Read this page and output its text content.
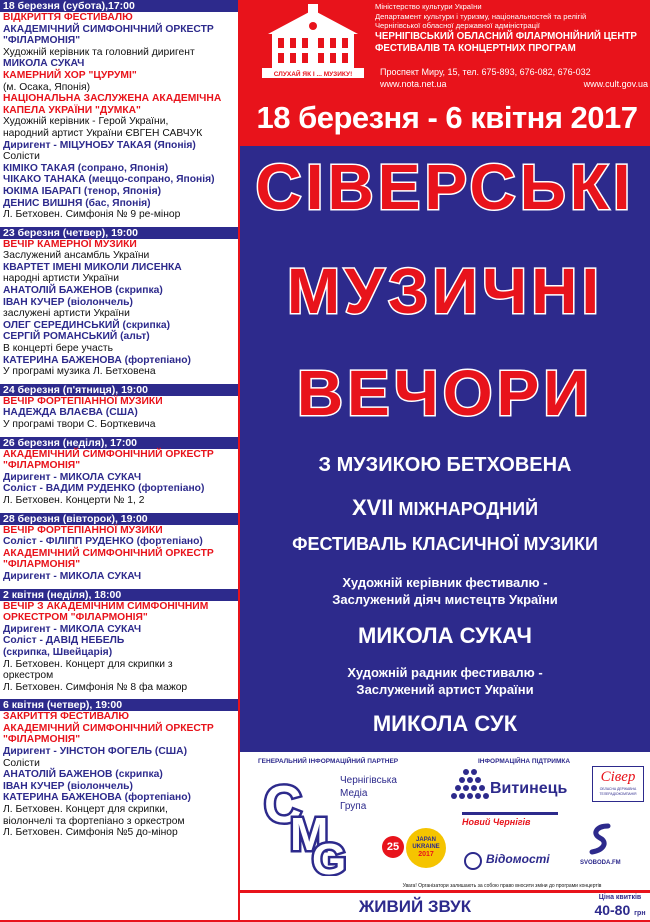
18 березня (субота),17:00
ВІДКРИТТЯ ФЕСТИВАЛЮ
АКАДЕМІЧНИЙ СИМФОНІЧНИЙ ОРКЕСТР
"ФІЛАРМОНІЯ"
Художній керівник та головний диригент
МИКОЛА СУКАЧ
КАМЕРНИЙ ХОР "ЦУРУМІ"
(м. Осака, Японія)
НАЦІОНАЛЬНА ЗАСЛУЖЕНА АКАДЕМІЧНА
КАПЕЛА УКРАЇНИ "ДУМКА"
Художній керівник - Герой України,
народний артист України ЄВГЕН САВЧУК
Диригент - МІЦУНОБУ ТАКАЯ (Японія)
Солісти
КІМІКО ТАКАЯ (сопрано, Японія)
ЧІКАКО ТАНАКА (меццо-сопрано, Японія)
ЮКІМА ІБАРАГІ (тенор, Японія)
ДЕНИС ВИШНЯ (бас, Японія)
Л. Бетховен. Симфонія № 9 ре-мінор
23 березня (четвер), 19:00
ВЕЧІР КАМЕРНОЇ МУЗИКИ
Заслужений ансамбль України
КВАРТЕТ ІМЕНІ МИКОЛИ ЛИСЕНКА
народні артисти України
АНАТОЛІЙ БАЖЕНОВ (скрипка)
ІВАН КУЧЕР (віолончель)
заслужені артисти України
ОЛЕГ СЕРЕДИНСЬКИЙ (скрипка)
СЕРГІЙ РОМАНСЬКИЙ (альт)
В концерті бере участь
КАТЕРИНА БАЖЕНОВА (фортепіано)
У програмі музика Л. Бетховена
24 березня (п'ятниця), 19:00
ВЕЧІР ФОРТЕПІАННОЇ МУЗИКИ
НАДЕЖДА ВЛАЄВА (США)
У програмі твори С. Борткевича
26 березня (неділя), 17:00
АКАДЕМІЧНИЙ СИМФОНІЧНИЙ ОРКЕСТР
"ФІЛАРМОНІЯ"
Диригент - МИКОЛА СУКАЧ
Соліст - ВАДИМ РУДЕНКО (фортепіано)
Л. Бетховен. Концерти № 1, 2
28 березня (вівторок), 19:00
ВЕЧІР ФОРТЕПІАННОЇ МУЗИКИ
Соліст - ФІЛІПП РУДЕНКО (фортепіано)
АКАДЕМІЧНИЙ СИМФОНІЧНИЙ ОРКЕСТР
"ФІЛАРМОНІЯ"
Диригент - МИКОЛА СУКАЧ
2 квітня (неділя), 18:00
ВЕЧІР З АКАДЕМІЧНИМ СИМФОНІЧНИМ
ОРКЕСТРОМ "ФІЛАРМОНІЯ"
Диригент - МИКОЛА СУКАЧ
Соліст - ДАВІД НЕБЕЛЬ
(скрипка, Швейцарія)
Л. Бетховен. Концерт для скрипки з
оркестром
Л. Бетховен. Симфонія № 8 фа мажор
6 квітня (четвер), 19:00
ЗАКРИТТЯ ФЕСТИВАЛЮ
АКАДЕМІЧНИЙ СИМФОНІЧНИЙ ОРКЕСТР
"ФІЛАРМОНІЯ"
Диригент - УІНСТОН ФОГЕЛЬ (США)
Солісти
АНАТОЛІЙ БАЖЕНОВ (скрипка)
ІВАН КУЧЕР (віолончель)
КАТЕРИНА БАЖЕНОВА (фортепіано)
Л. Бетховен. Концерт для скрипки,
віолончелі та фортепіано з оркестром
Л. Бетховен. Симфонія №5 до-мінор
СЛУХАЙ ЯК І ... МУЗИКУ!
Міністерство культури України
Департамент культури і туризму, національностей та релігій
Чернігівської обласної державної адміністрації
ЧЕРНІГІВСЬКИЙ ОБЛАСНИЙ ФІЛАРМОНІЙНИЙ ЦЕНТР
ФЕСТИВАЛІВ ТА КОНЦЕРТНИХ ПРОГРАМ
Проспект Миру, 15, тел. 675-893, 676-082, 676-032
www.nota.net.ua	www.cult.gov.ua
18 березня - 6 квітня 2017
СІВЕРСЬКІ
МУЗИЧНІ
ВЕЧОРИ
З МУЗИКОЮ БЕТХОВЕНА
XVII МІЖНАРОДНИЙ
ФЕСТИВАЛЬ КЛАСИЧНОЇ МУЗИКИ
Художній керівник фестивалю -
Заслужений діяч мистецтв України
МИКОЛА СУКАЧ
Художній радник фестивалю -
Заслужений артист України
МИКОЛА СУК
ГЕНЕРАЛЬНИЙ ІНФОРМАЦІЙНИЙ ПАРТНЕР	ІНФОРМАЦІЙНА ПІДТРИМКА
C
M
G
Чернігівська
Медіа
Група
Витинець
Сівер
ОБЛАСНА ДЕРЖАВНА ТЕЛЕРАДІОКОМПАНІЯ
25
JAPAN
UKRAINE
2017
Новий Чернігів
Відомості	SVOBODA.FM
Увага! Організатори залишають за собою право вносити зміни до програми концертів
ЖИВИЙ ЗВУК	Ціна квитків
40-80 грн
